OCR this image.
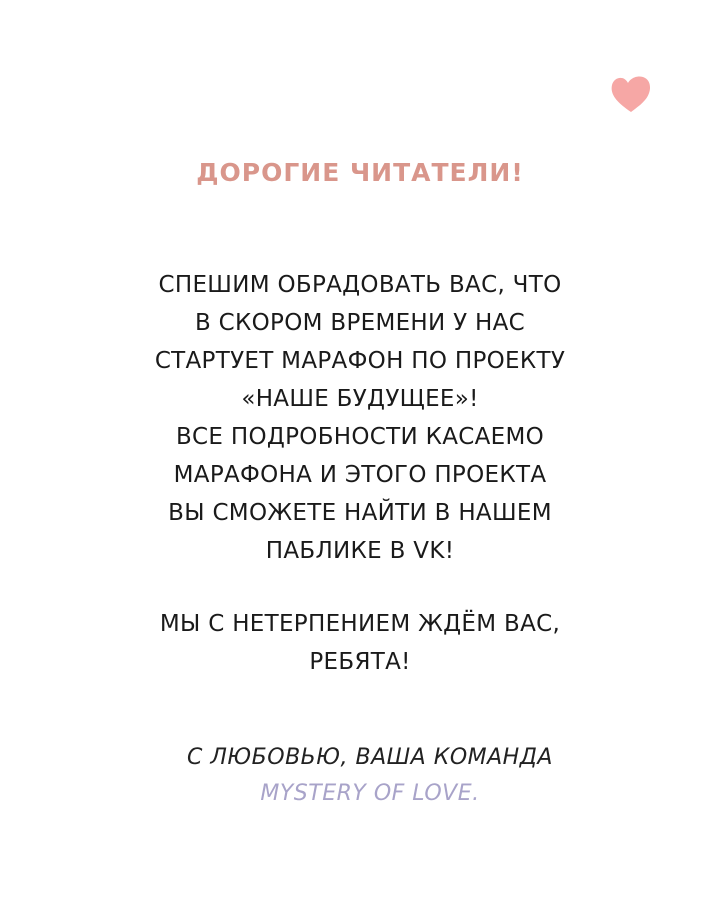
ДОРОГИЕ ЧИТАТЕЛИ!
СПЕШИМ ОБРАДОВАТЬ ВАС, ЧТО
В СКОРОМ ВРЕМЕНИ У НАС
СТАРТУЕТ МАРАФОН ПО ПРОЕКТУ
«НАШЕ БУДУЩЕЕ»!
ВСЕ ПОДРОБНОСТИ КАСАЕМО
МАРАФОНА И ЭТОГО ПРОЕКТА
ВЫ СМОЖЕТЕ НАЙТИ В НАШЕМ
ПАБЛИКЕ В VK!
МЫ С НЕТЕРПЕНИЕМ ЖДЁМ ВАС,
РЕБЯТА!
С ЛЮБОВЬЮ, ВАША КОМАНДА
MYSTERY OF LOVE.
